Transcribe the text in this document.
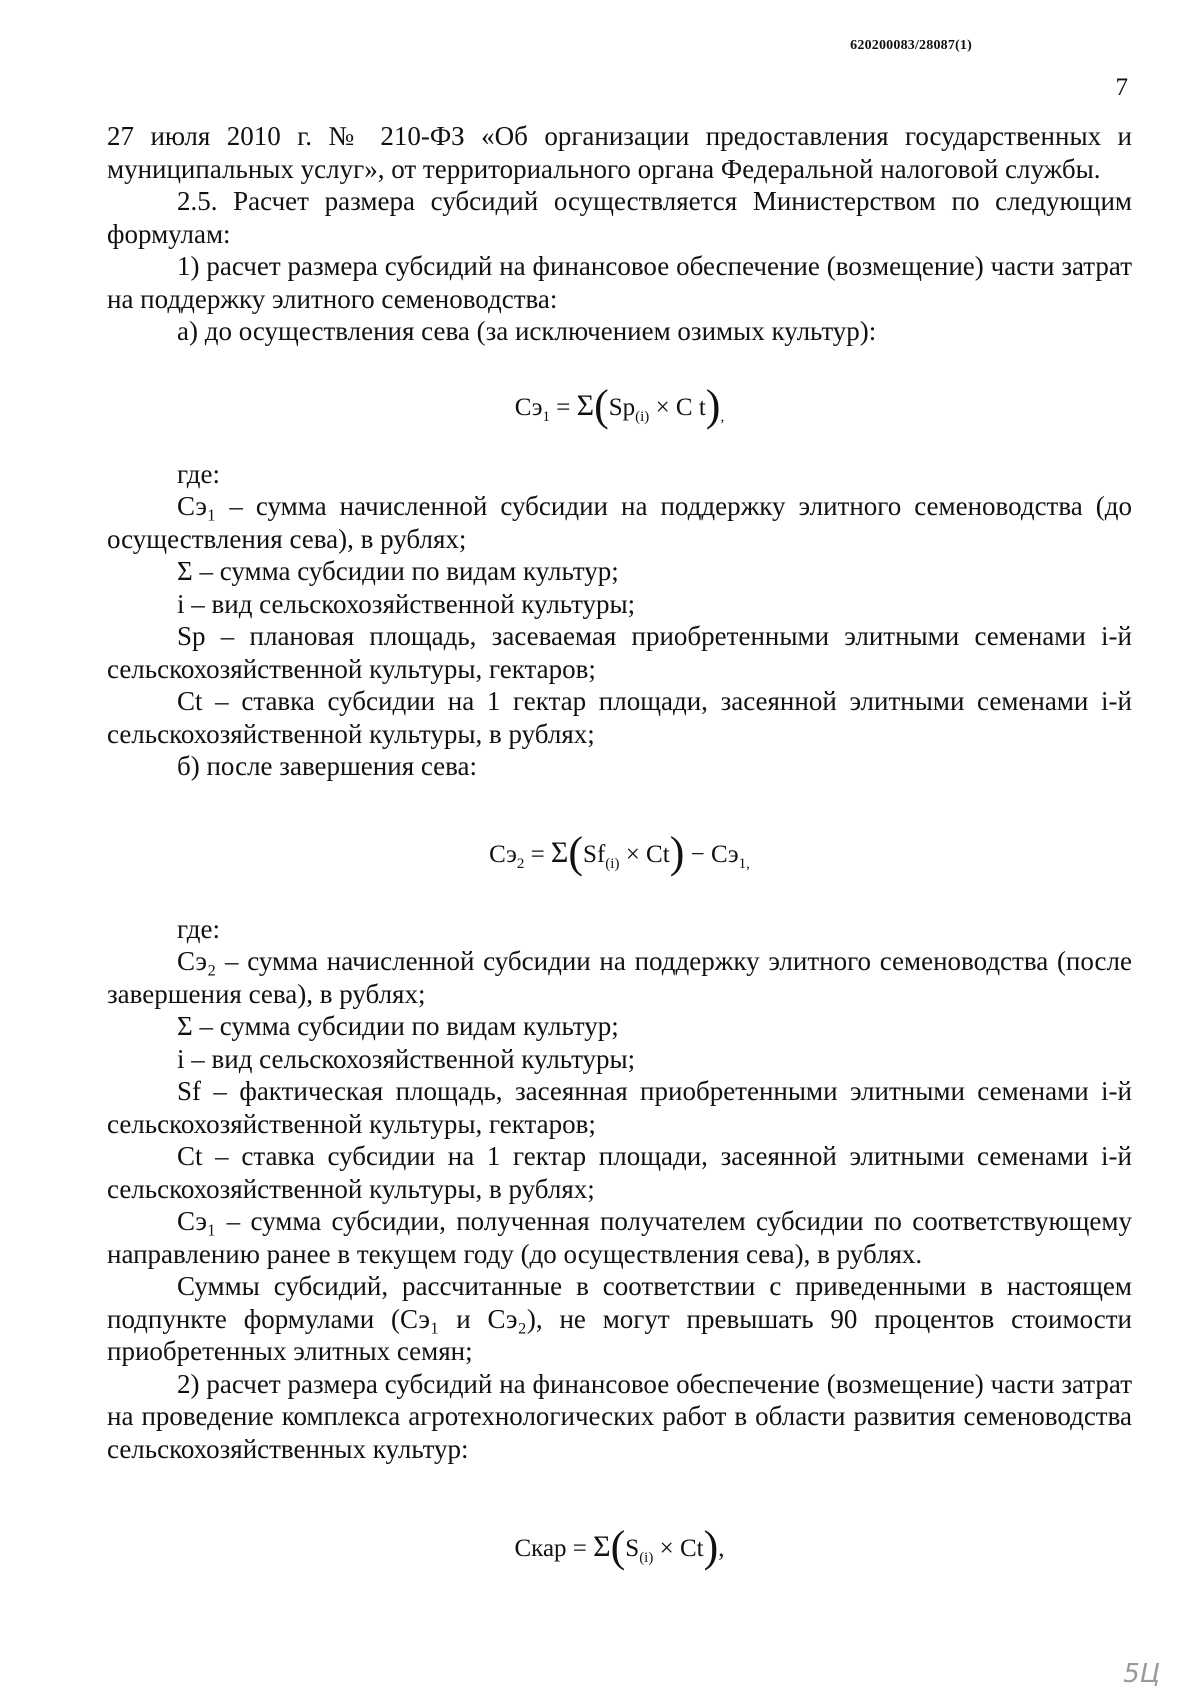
620200083/28087(1)
7

27 июля 2010 г. № 210-ФЗ «Об организации предоставления государственных и муниципальных услуг», от территориального органа Федеральной налоговой службы.

2.5. Расчет размера субсидий осуществляется Министерством по следующим формулам:

1) расчет размера субсидий на финансовое обеспечение (возмещение) части затрат на поддержку элитного семеноводства:

а) до осуществления сева (за исключением озимых культур):

$Сэ_1 = \Sigma(Sp_{(i)} \times C$ $t)_,$

где:

Сэ₁ – сумма начисленной субсидии на поддержку элитного семеноводства (до осуществления сева), в рублях;

Σ – сумма субсидии по видам культур;

i – вид сельскохозяйственной культуры;

Sp – плановая площадь, засеваемая приобретенными элитными семенами i-й сельскохозяйственной культуры, гектаров;

Ct – ставка субсидии на 1 гектар площади, засеянной элитными семенами i-й сельскохозяйственной культуры, в рублях;

б) после завершения сева:

$Сэ_2 = \Sigma(Sf_{(i)} \times Ct) - Сэ_{1,}$

где:

Сэ₂ – сумма начисленной субсидии на поддержку элитного семеноводства (после завершения сева), в рублях;

Σ – сумма субсидии по видам культур;

i – вид сельскохозяйственной культуры;

Sf – фактическая площадь, засеянная приобретенными элитными семенами i-й сельскохозяйственной культуры, гектаров;

Ct – ставка субсидии на 1 гектар площади, засеянной элитными семенами i-й сельскохозяйственной культуры, в рублях;

Сэ₁ – сумма субсидии, полученная получателем субсидии по соответствующему направлению ранее в текущем году (до осуществления сева), в рублях.

Суммы субсидий, рассчитанные в соответствии с приведенными в настоящем подпункте формулами (Сэ₁ и Сэ₂), не могут превышать 90 процентов стоимости приобретенных элитных семян;

2) расчет размера субсидий на финансовое обеспечение (возмещение) части затрат на проведение комплекса агротехнологических работ в области развития семеноводства сельскохозяйственных культур:

Скар = $\Sigma(S_{(i)} \times Ct)$,
5Ц
